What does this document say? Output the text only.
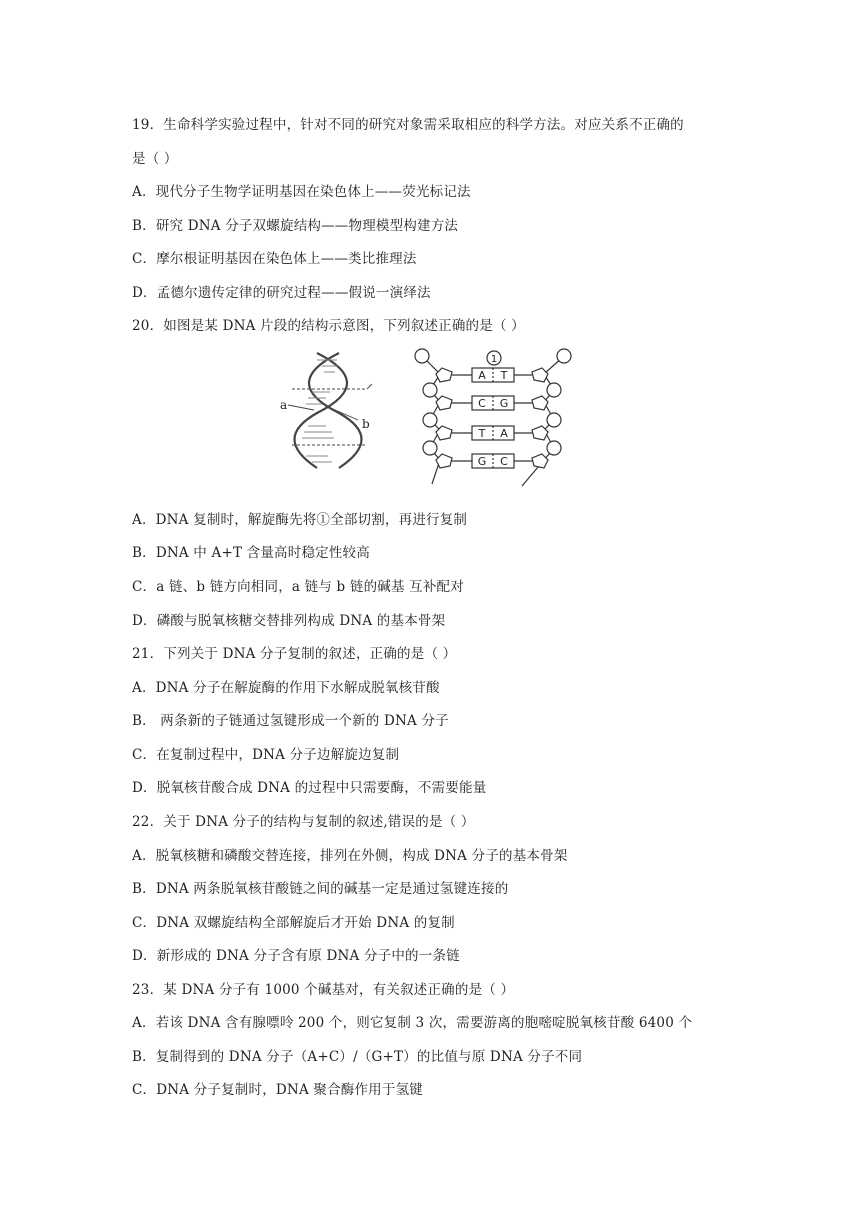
19．生命科学实验过程中，针对不同的研究对象需采取相应的科学方法。对应关系不正确的
是（ ）
A．现代分子生物学证明基因在染色体上——荧光标记法
B．研究 DNA 分子双螺旋结构——物理模型构建方法
C．摩尔根证明基因在染色体上——类比推理法
D．孟德尔遗传定律的研究过程——假说一演绎法
20．如图是某 DNA 片段的结构示意图，下列叙述正确的是（ ）
a
b
1
A T
C G
T A
G C
A．DNA 复制时，解旋酶先将①全部切割，再进行复制
B．DNA 中 A+T 含量高时稳定性较高
C．a 链、b 链方向相同，a 链与 b 链的碱基 互补配对
D．磷酸与脱氧核糖交替排列构成 DNA 的基本骨架
21．下列关于 DNA 分子复制的叙述，正确的是（ ）
A．DNA 分子在解旋酶的作用下水解成脱氧核苷酸
B． 两条新的子链通过氢键形成一个新的 DNA 分子
C．在复制过程中，DNA 分子边解旋边复制
D．脱氧核苷酸合成 DNA 的过程中只需要酶，不需要能量
22．关于 DNA 分子的结构与复制的叙述,错误的是（ ）
A．脱氧核糖和磷酸交替连接，排列在外侧，构成 DNA 分子的基本骨架
B．DNA 两条脱氧核苷酸链之间的碱基一定是通过氢键连接的
C．DNA 双螺旋结构全部解旋后才开始 DNA 的复制
D．新形成的 DNA 分子含有原 DNA 分子中的一条链
23．某 DNA 分子有 1000 个碱基对，有关叙述正确的是（ ）
A．若该 DNA 含有腺嘌呤 200 个，则它复制 3 次，需要游离的胞嘧啶脱氧核苷酸 6400 个
B．复制得到的 DNA 分子（A+C）/（G+T）的比值与原 DNA 分子不同
C．DNA 分子复制时，DNA 聚合酶作用于氢键
